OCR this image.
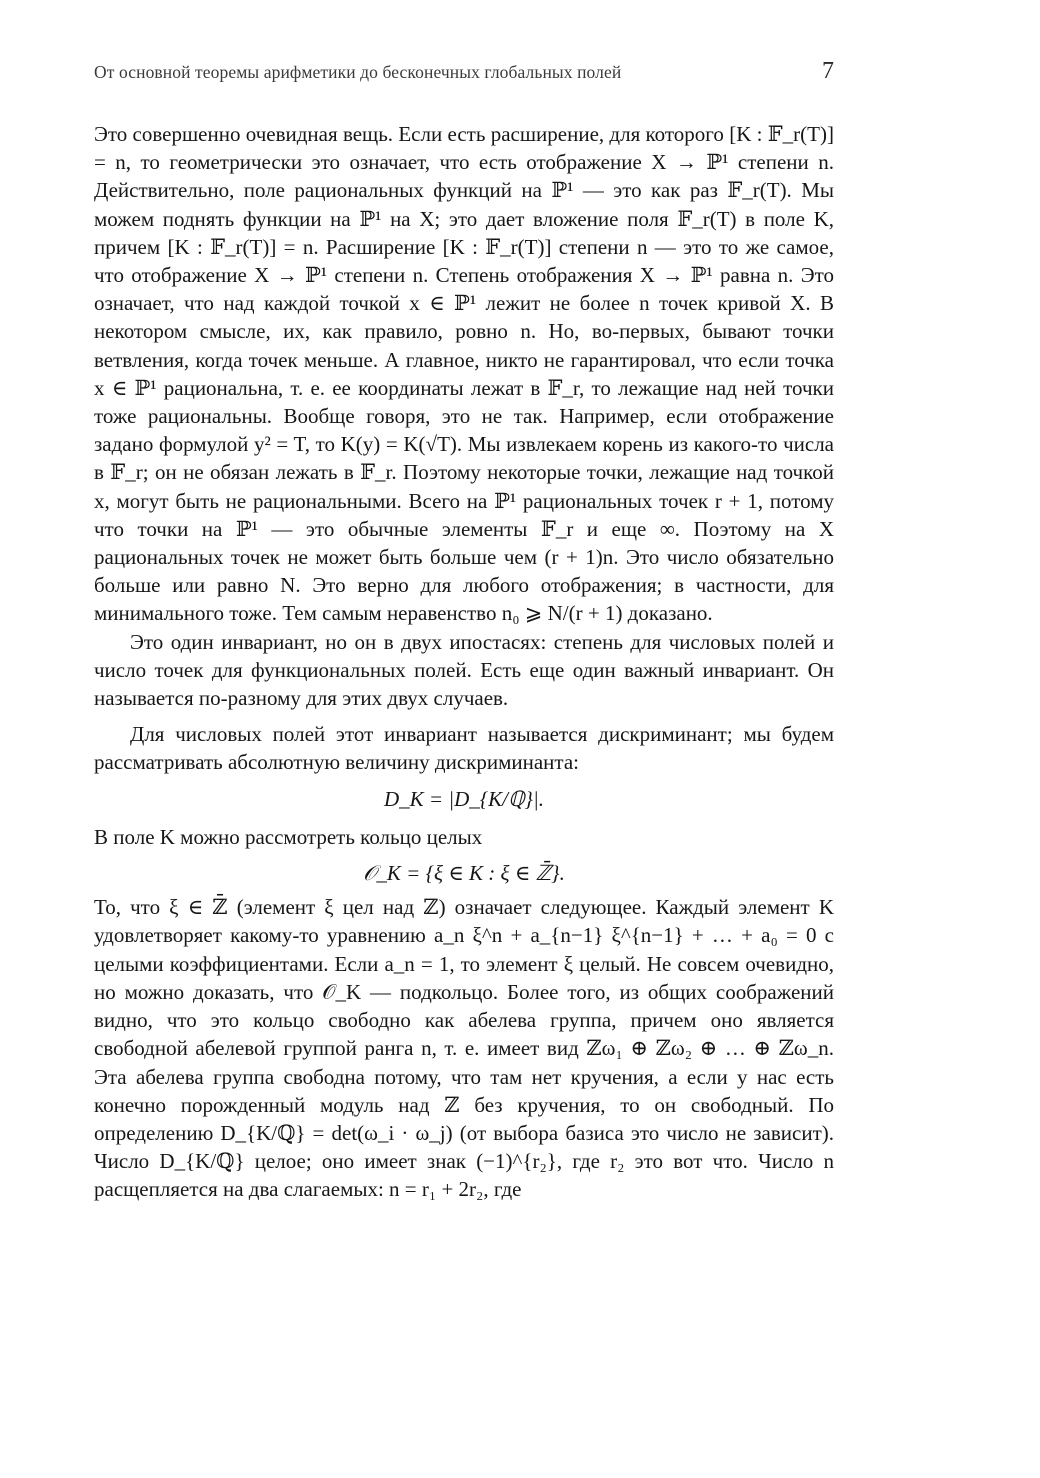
От основной теоремы арифметики до бесконечных глобальных полей	7

Это совершенно очевидная вещь. Если есть расширение, для которого [K : 𝔽_r(T)] = n, то геометрически это означает, что есть отображение X → ℙ¹ степени n. Действительно, поле рациональных функций на ℙ¹ — это как раз 𝔽_r(T). Мы можем поднять функции на ℙ¹ на X; это дает вложение поля 𝔽_r(T) в поле K, причем [K : 𝔽_r(T)] = n. Расширение [K : 𝔽_r(T)] степени n — это то же самое, что отображение X → ℙ¹ степени n. Степень отображения X → ℙ¹ равна n. Это означает, что над каждой точкой x ∈ ℙ¹ лежит не более n точек кривой X. В некотором смысле, их, как правило, ровно n. Но, во-первых, бывают точки ветвления, когда точек меньше. А главное, никто не гарантировал, что если точка x ∈ ℙ¹ рациональна, т. е. ее координаты лежат в 𝔽_r, то лежащие над ней точки тоже рациональны. Вообще говоря, это не так. Например, если отображение задано формулой y² = T, то K(y) = K(√T). Мы извлекаем корень из какого-то числа в 𝔽_r; он не обязан лежать в 𝔽_r. Поэтому некоторые точки, лежащие над точкой x, могут быть не рациональными. Всего на ℙ¹ рациональных точек r + 1, потому что точки на ℙ¹ — это обычные элементы 𝔽_r и еще ∞. Поэтому на X рациональных точек не может быть больше чем (r + 1)n. Это число обязательно больше или равно N. Это верно для любого отображения; в частности, для минимального тоже. Тем самым неравенство n₀ ⩾ N/(r + 1) доказано.

Это один инвариант, но он в двух ипостасях: степень для числовых полей и число точек для функциональных полей. Есть еще один важный инвариант. Он называется по-разному для этих двух случаев.

Для числовых полей этот инвариант называется дискриминант; мы будем рассматривать абсолютную величину дискриминанта:

D_K = |D_{K/ℚ}|.

В поле K можно рассмотреть кольцо целых

𝒪_K = {ξ ∈ K : ξ ∈ ℤ̄}.

То, что ξ ∈ ℤ̄ (элемент ξ цел над ℤ) означает следующее. Каждый элемент K удовлетворяет какому-то уравнению a_n ξ^n + a_{n−1} ξ^{n−1} + … + a₀ = 0 с целыми коэффициентами. Если a_n = 1, то элемент ξ целый. Не совсем очевидно, но можно доказать, что 𝒪_K — подкольцо. Более того, из общих соображений видно, что это кольцо свободно как абелева группа, причем оно является свободной абелевой группой ранга n, т. е. имеет вид ℤω₁ ⊕ ℤω₂ ⊕ … ⊕ ℤω_n. Эта абелева группа свободна потому, что там нет кручения, а если у нас есть конечно порожденный модуль над ℤ без кручения, то он свободный. По определению D_{K/ℚ} = det(ω_i · ω_j) (от выбора базиса это число не зависит). Число D_{K/ℚ} целое; оно имеет знак (−1)^{r₂}, где r₂ это вот что. Число n расщепляется на два слагаемых: n = r₁ + 2r₂, где
